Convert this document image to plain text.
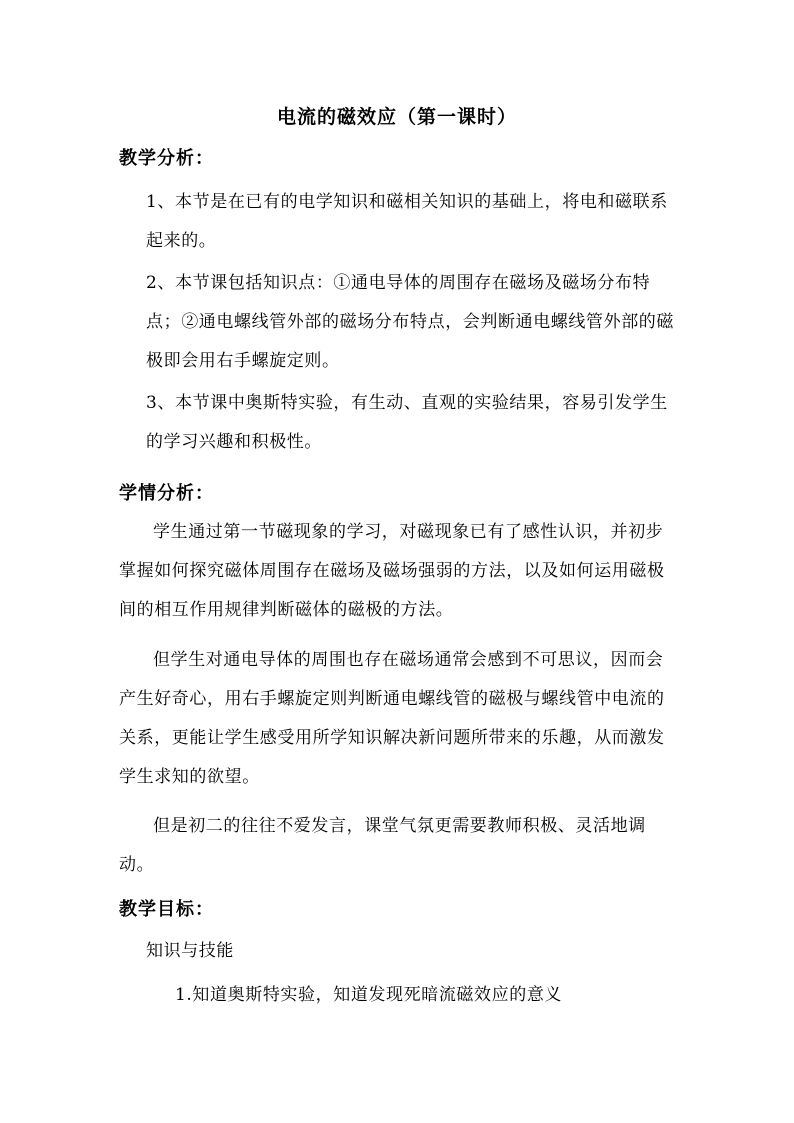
电流的磁效应（第一课时）
教学分析：

1、本节是在已有的电学知识和磁相关知识的基础上，将电和磁联系起来的。

2、本节课包括知识点：①通电导体的周围存在磁场及磁场分布特点；②通电螺线管外部的磁场分布特点，会判断通电螺线管外部的磁极即会用右手螺旋定则。

3、本节课中奥斯特实验，有生动、直观的实验结果，容易引发学生的学习兴趣和积极性。

学情分析：

学生通过第一节磁现象的学习，对磁现象已有了感性认识，并初步掌握如何探究磁体周围存在磁场及磁场强弱的方法，以及如何运用磁极间的相互作用规律判断磁体的磁极的方法。

但学生对通电导体的周围也存在磁场通常会感到不可思议，因而会产生好奇心，用右手螺旋定则判断通电螺线管的磁极与螺线管中电流的关系，更能让学生感受用所学知识解决新问题所带来的乐趣，从而激发学生求知的欲望。

但是初二的往往不爱发言，课堂气氛更需要教师积极、灵活地调动。

教学目标：
知识与技能
1.知道奥斯特实验，知道发现死暗流磁效应的意义
